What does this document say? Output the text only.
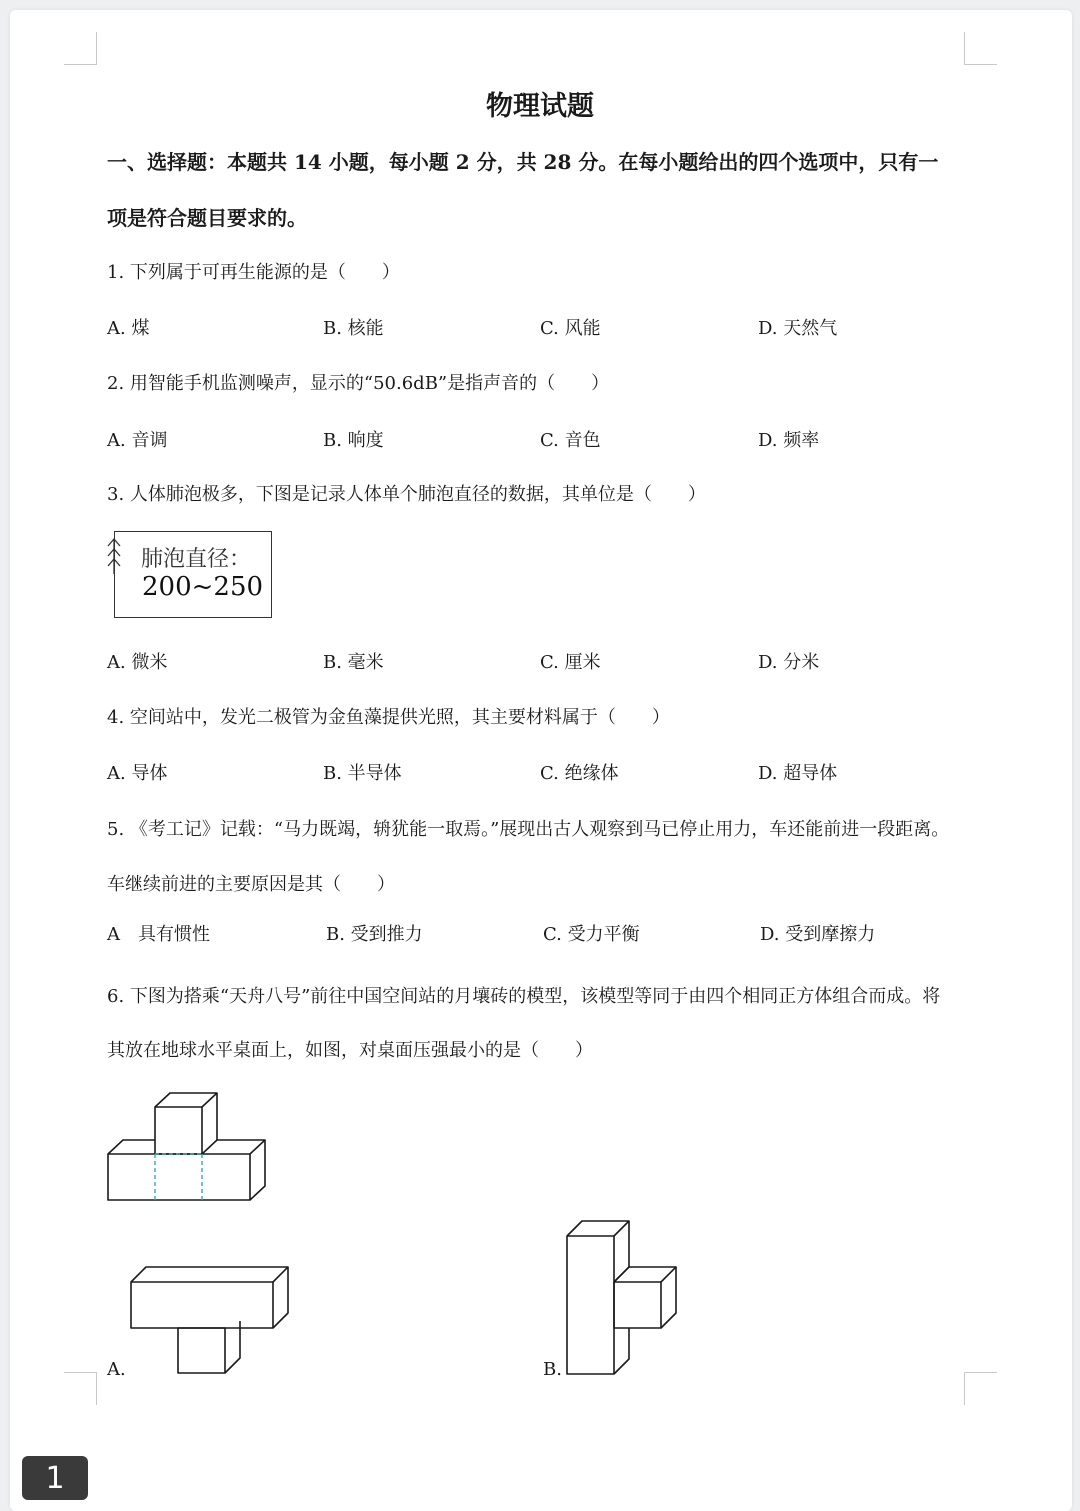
物理试题
一、选择题：本题共 14 小题，每小题 2 分，共 28 分。在每小题给出的四个选项中，只有一
项是符合题目要求的。
1. 下列属于可再生能源的是（　　）
A. 煤	B. 核能	C. 风能	D. 天然气
2. 用智能手机监测噪声，显示的“50.6dB”是指声音的（　　）
A. 音调	B. 响度	C. 音色	D. 频率
3. 人体肺泡极多，下图是记录人体单个肺泡直径的数据，其单位是（　　）
肺泡直径：
200~250
A. 微米	B. 毫米	C. 厘米	D. 分米
4. 空间站中，发光二极管为金鱼藻提供光照，其主要材料属于（　　）
A. 导体	B. 半导体	C. 绝缘体	D. 超导体
5. 《考工记》记载：“马力既竭，辀犹能一取焉。”展现出古人观察到马已停止用力，车还能前进一段距离。
车继续前进的主要原因是其（　　）
A　具有惯性	B. 受到推力	C. 受力平衡	D. 受到摩擦力
6. 下图为搭乘“天舟八号”前往中国空间站的月壤砖的模型，该模型等同于由四个相同正方体组合而成。将
其放在地球水平桌面上，如图，对桌面压强最小的是（　　）
A.	B.
1
